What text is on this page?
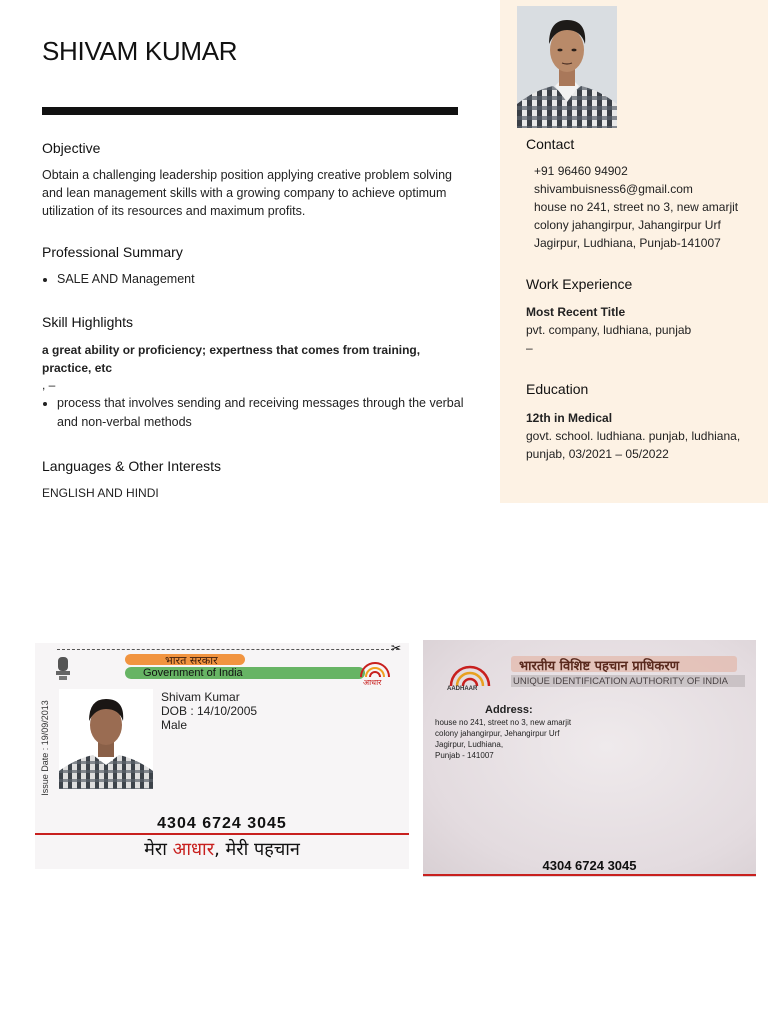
Contact
+91 96460 94902
shivambuisness6@gmail.com
house no 241, street no 3, new amarjit colony jahangirpur, Jahangirpur Urf Jagirpur, Ludhiana, Punjab-141007
Work Experience
Most Recent Title
pvt. company, ludhiana, punjab
–
Education
12th in Medical
govt. school. ludhiana. punjab, ludhiana, punjab, 03/2021 – 05/2022
SHIVAM KUMAR
Objective
Obtain a challenging leadership position applying creative problem solving and lean management skills with a growing company to achieve optimum utilization of its resources and maximum profits.
Professional Summary
• SALE AND Management
Skill Highlights
a great ability or proficiency; expertness that comes from training, practice, etc
, –
• process that involves sending and receiving messages through the verbal and non-verbal methods
Languages & Other Interests
ENGLISH AND HINDI
✂
भारत सरकार
Government of India
आधार
Issue Date : 19/09/2013
Shivam Kumar
DOB : 14/10/2005
Male
4304 6724 3045
मेरा आधार, मेरी पहचान
AADHAAR
भारतीय विशिष्ट पहचान प्राधिकरण
UNIQUE IDENTIFICATION AUTHORITY OF INDIA
Address:
house no 241, street no 3, new amarjit
colony jahangirpur, Jehangirpur Urf
Jagirpur, Ludhiana,
Punjab - 141007
4304 6724 3045
